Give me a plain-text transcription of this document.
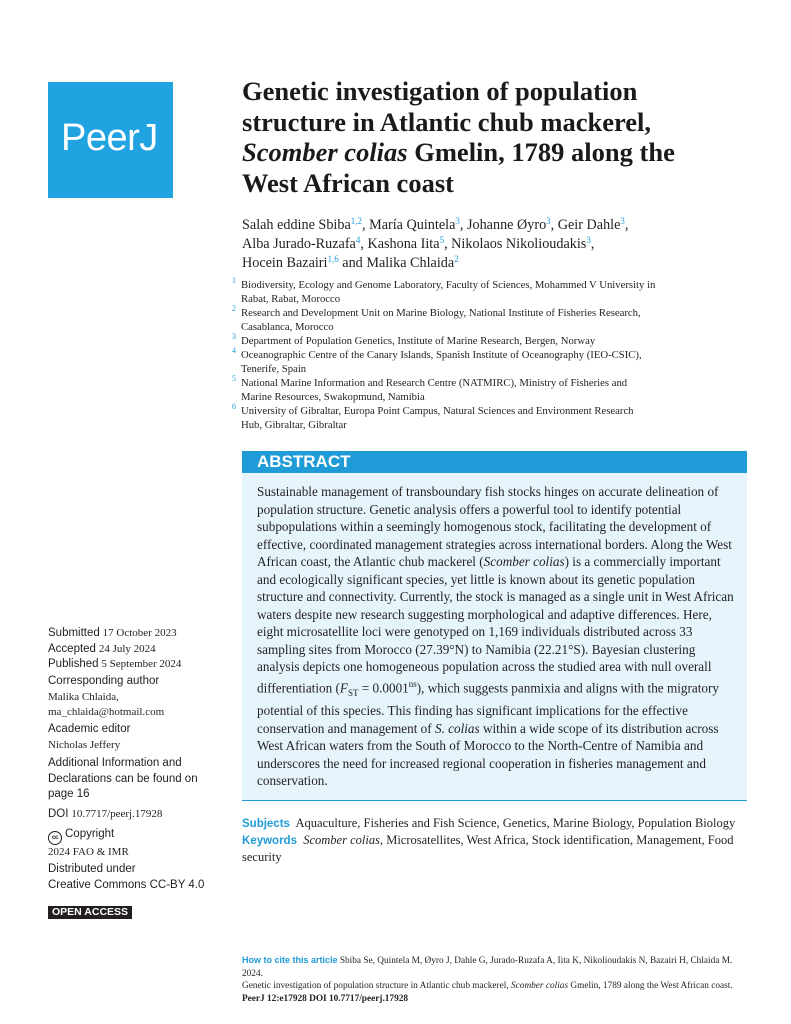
PeerJ
Genetic investigation of population
structure in Atlantic chub mackerel,
Scomber colias Gmelin, 1789 along the
West African coast
Salah eddine Sbiba$^{1,2}$, María Quintela$^3$, Johanne Øyro$^3$, Geir Dahle$^3$,
Alba Jurado-Ruzafa$^4$, Kashona Iita$^5$, Nikolaos Nikolioudakis$^3$,
Hocein Bazairi$^{1,6}$ and Malika Chlaida$^2$
1 Biodiversity, Ecology and Genome Laboratory, Faculty of Sciences, Mohammed V University in
Rabat, Rabat, Morocco
2 Research and Development Unit on Marine Biology, National Institute of Fisheries Research,
Casablanca, Morocco
3 Department of Population Genetics, Institute of Marine Research, Bergen, Norway
4 Oceanographic Centre of the Canary Islands, Spanish Institute of Oceanography (IEO-CSIC),
Tenerife, Spain
5 National Marine Information and Research Centre (NATMIRC), Ministry of Fisheries and
Marine Resources, Swakopmund, Namibia
6 University of Gibraltar, Europa Point Campus, Natural Sciences and Environment Research
Hub, Gibraltar, Gibraltar
ABSTRACT
Sustainable management of transboundary fish stocks hinges on accurate delineation of population structure. Genetic analysis offers a powerful tool to identify potential subpopulations within a seemingly homogenous stock, facilitating the development of effective, coordinated management strategies across international borders. Along the West African coast, the Atlantic chub mackerel (Scomber colias) is a commercially important and ecologically significant species, yet little is known about its genetic population structure and connectivity. Currently, the stock is managed as a single unit in West African waters despite new research suggesting morphological and adaptive differences. Here, eight microsatellite loci were genotyped on 1,169 individuals distributed across 33 sampling sites from Morocco (27.39°N) to Namibia (22.21°S). Bayesian clustering analysis depicts one homogeneous population across the studied area with null overall differentiation $(F_{ST} = 0.0001^{ns})$, which suggests panmixia and aligns with the migratory potential of this species. This finding has significant implications for the effective conservation and management of S. colias within a wide scope of its distribution across West African waters from the South of Morocco to the North-Centre of Namibia and underscores the need for increased regional cooperation in fisheries management and conservation.
Subjects Aquaculture, Fisheries and Fish Science, Genetics, Marine Biology, Population Biology
Keywords Scomber colias, Microsatellites, West Africa, Stock identification, Management, Food security
Submitted 17 October 2023
Accepted 24 July 2024
Published 5 September 2024
Corresponding author
Malika Chlaida,
ma_chlaida@hotmail.com
Academic editor
Nicholas Jeffery
Additional Information and
Declarations can be found on
page 16
DOI 10.7717/peerj.17928
cc Copyright
2024 FAO & IMR
Distributed under
Creative Commons CC-BY 4.0
OPEN ACCESS
How to cite this article Sbiba Se, Quintela M, Øyro J, Dahle G, Jurado-Ruzafa A, Iita K, Nikolioudakis N, Bazairi H, Chlaida M. 2024.
Genetic investigation of population structure in Atlantic chub mackerel, Scomber colias Gmelin, 1789 along the West African coast.
PeerJ 12:e17928 DOI 10.7717/peerj.17928
